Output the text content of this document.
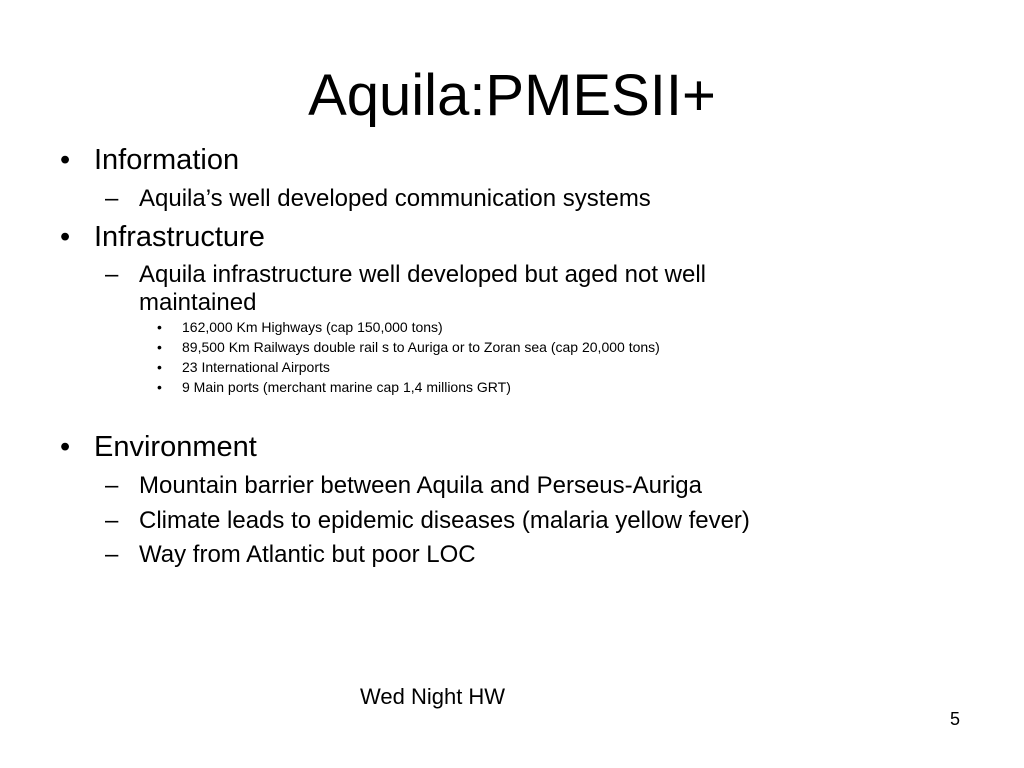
Aquila:PMESII+
• Information
– Aquila’s well developed communication systems
• Infrastructure
– Aquila infrastructure well developed but aged not well
maintained
• 162,000 Km Highways (cap 150,000 tons)
• 89,500 Km Railways double rail s to Auriga or to Zoran sea (cap 20,000 tons)
• 23 International Airports
• 9 Main ports (merchant marine cap 1,4 millions GRT)
• Environment
– Mountain barrier between Aquila and Perseus-Auriga
– Climate leads to epidemic diseases (malaria yellow fever)
– Way from Atlantic but poor LOC
Wed Night HW
5
